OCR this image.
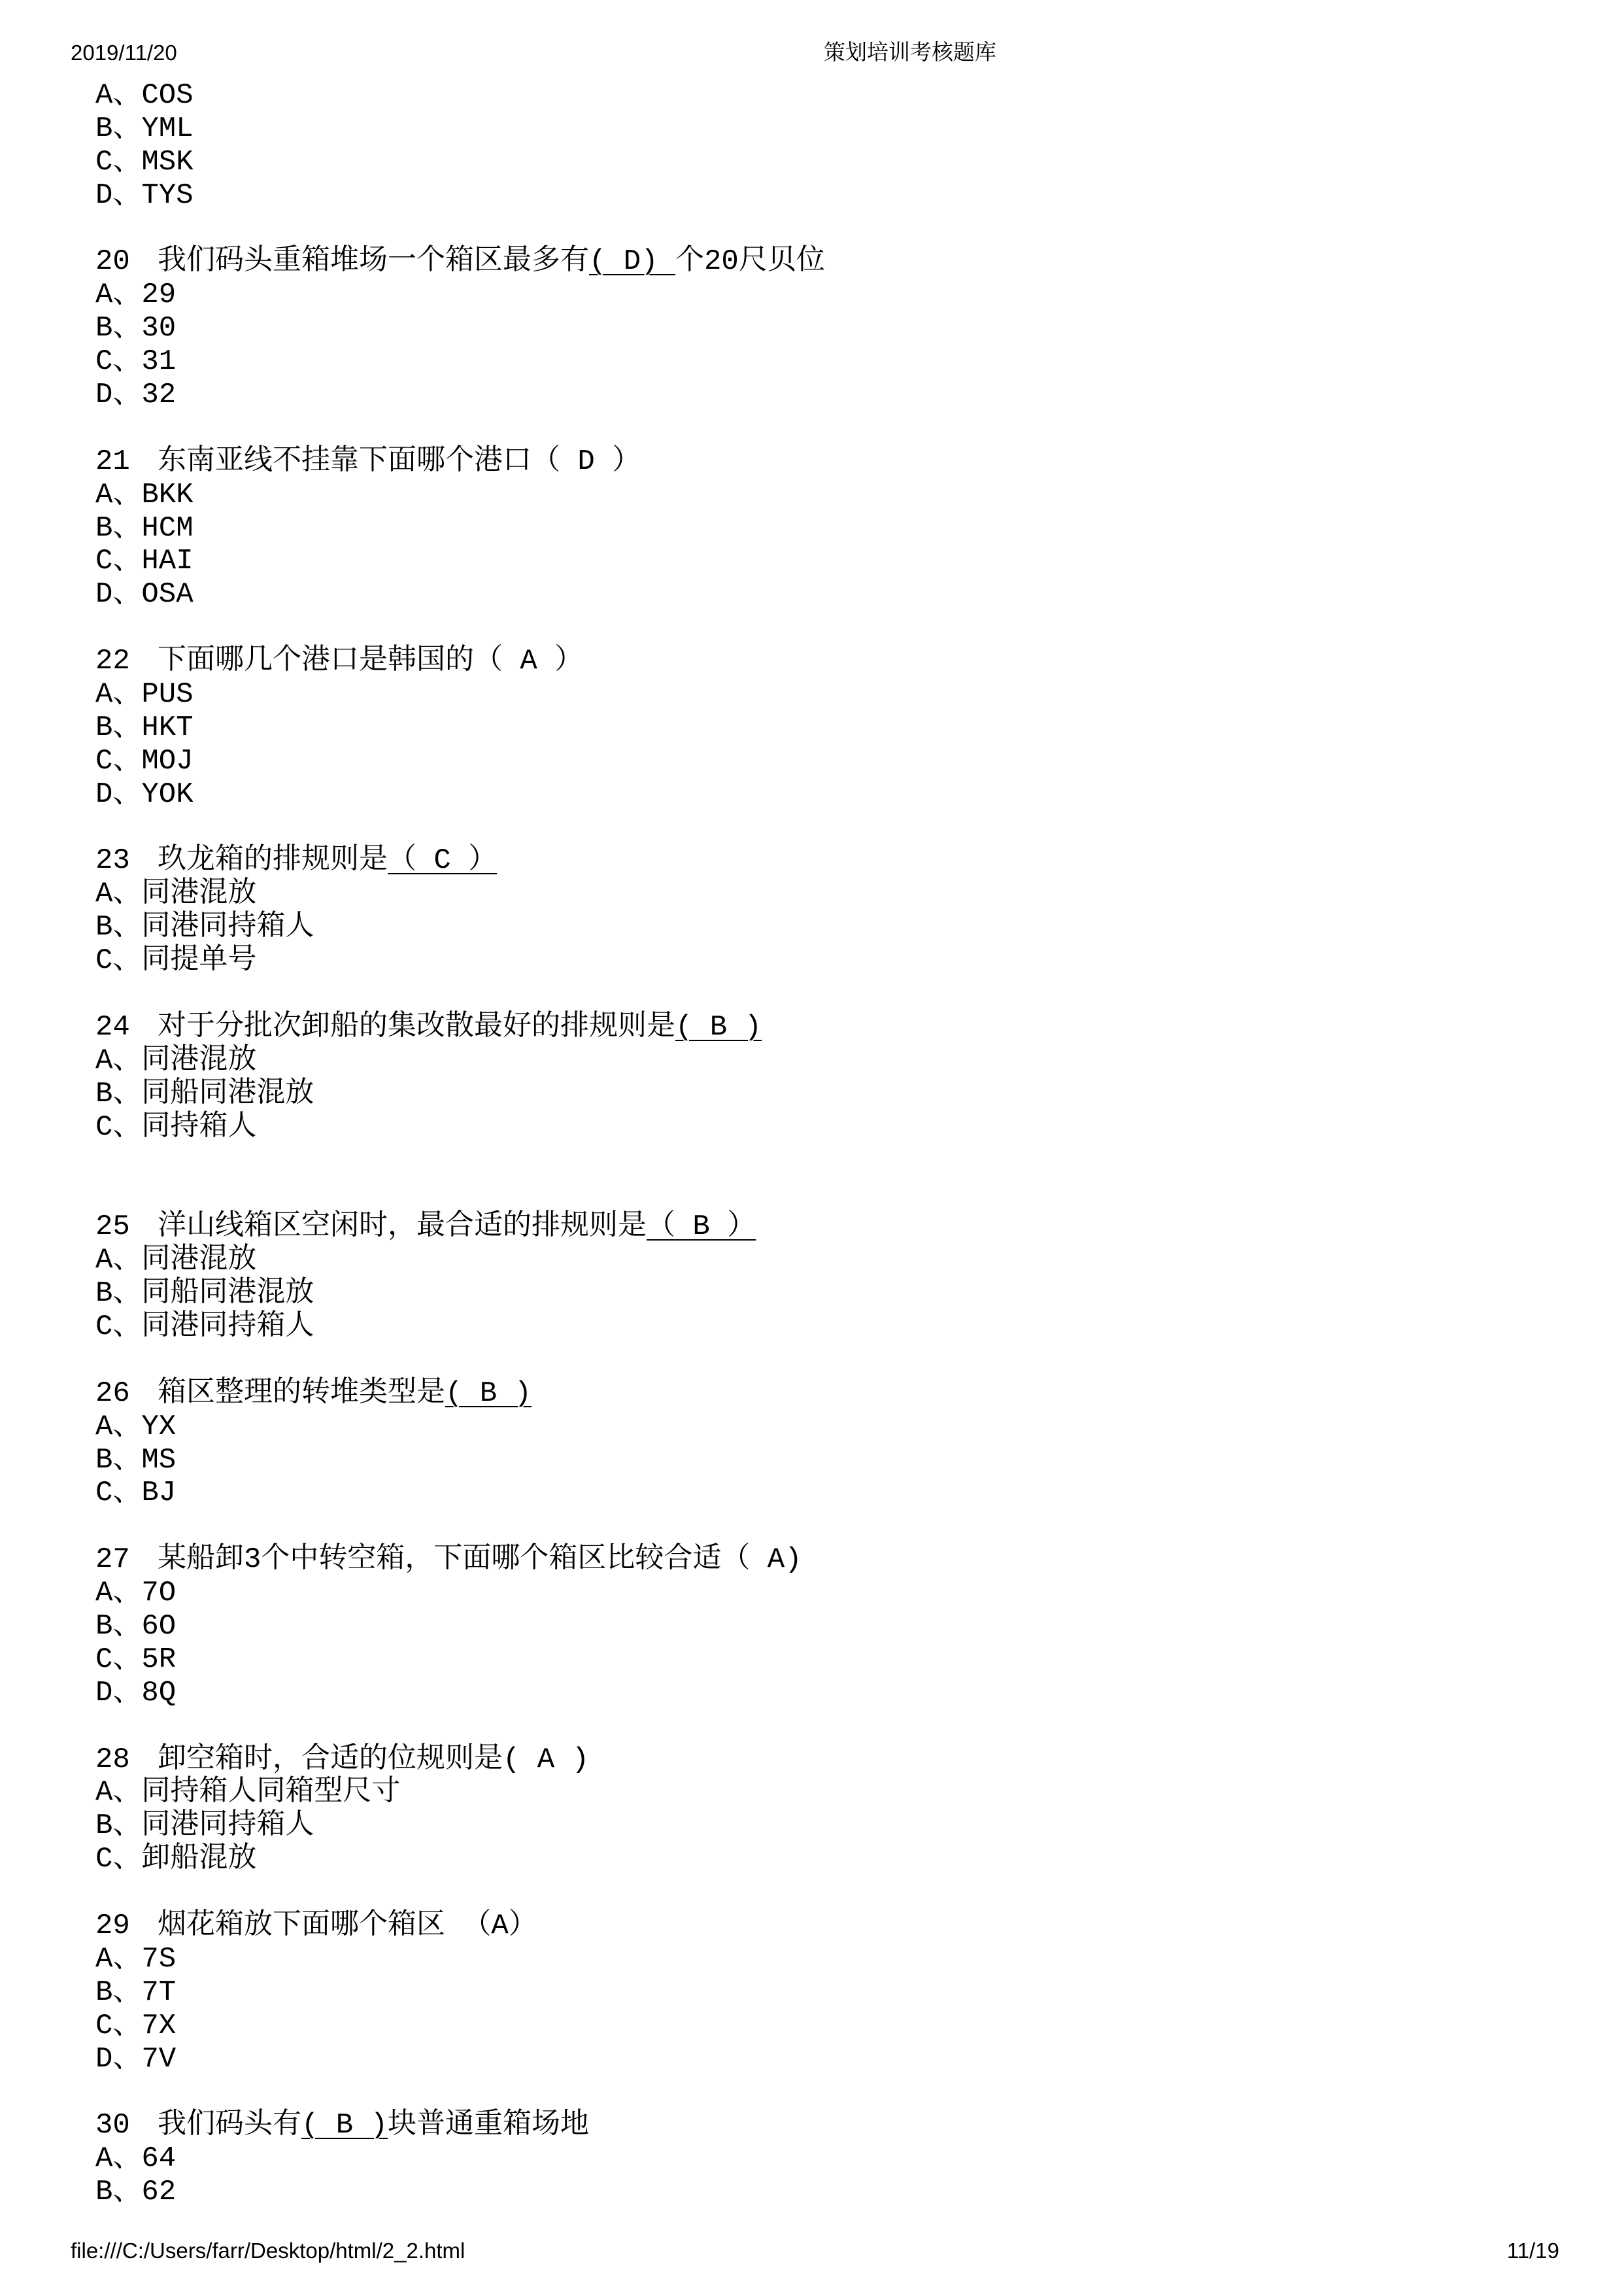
2019/11/20	策划培训考核题库
A、COS
B、YML
C、MSK
D、TYS
20 我们码头重箱堆场一个箱区最多有( D) 个20尺贝位
A、29
B、30
C、31
D、32
21 东南亚线不挂靠下面哪个港口（ D ）
A、BKK
B、HCM
C、HAI
D、OSA
22 下面哪几个港口是韩国的（ A ）
A、PUS
B、HKT
C、MOJ
D、YOK
23 玖龙箱的排规则是（ C ）
A、同港混放
B、同港同持箱人
C、同提单号
24 对于分批次卸船的集改散最好的排规则是( B )
A、同港混放
B、同船同港混放
C、同持箱人
25 洋山线箱区空闲时，最合适的排规则是（ B ）
A、同港混放
B、同船同港混放
C、同港同持箱人
26 箱区整理的转堆类型是( B )
A、YX
B、MS
C、BJ
27 某船卸3个中转空箱，下面哪个箱区比较合适（ A)
A、7O
B、6O
C、5R
D、8Q
28 卸空箱时，合适的位规则是( A )
A、同持箱人同箱型尺寸
B、同港同持箱人
C、卸船混放
29 烟花箱放下面哪个箱区 （A）
A、7S
B、7T
C、7X
D、7V
30 我们码头有( B )块普通重箱场地
A、64
B、62
file:///C:/Users/farr/Desktop/html/2_2.html	11/19
